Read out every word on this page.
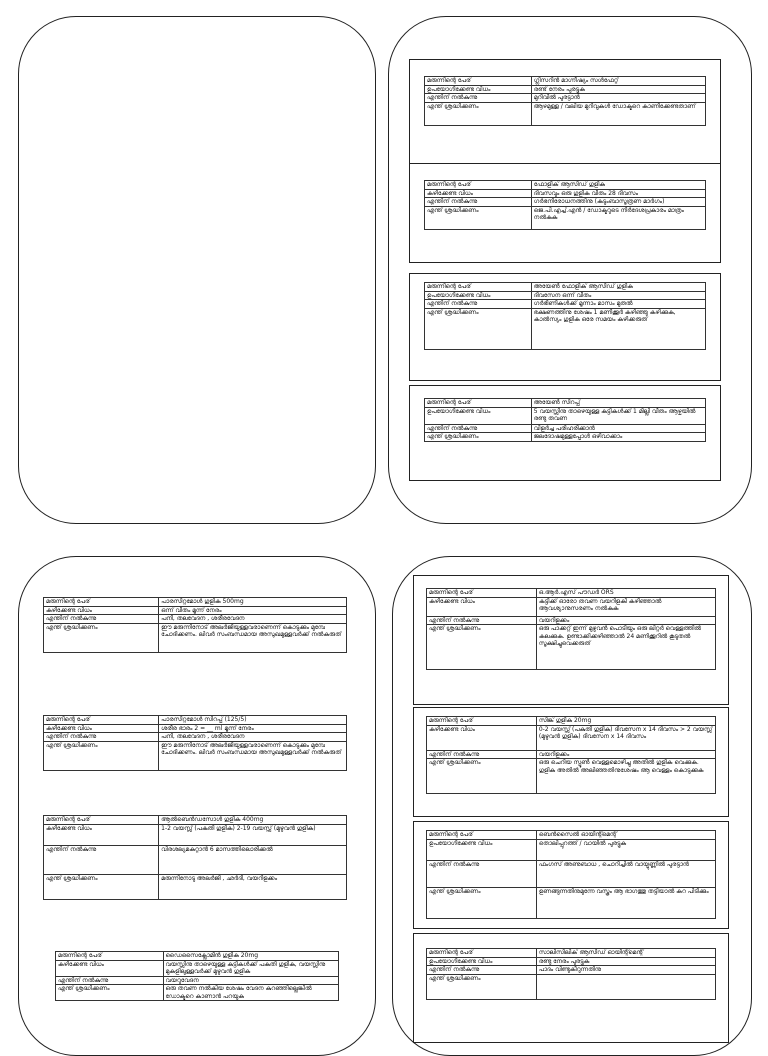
മരുന്നിന്റെ പേര്	ഗ്ലിസറിൻ മാഗ്നീഷ്യം സൾഫേറ്റ്
ഉപയോഗിക്കേണ്ട വിധം	രണ്ട് നേരം പുരട്ടുക
എന്തിന് നൽകുന്നു	മുറിവിൽ പുരട്ടാൻ
എന്ത് ശ്രദ്ധിക്കണം	ആഴമുള്ള / വലിയ മുറിവുകൾ ഡോക്ടറെ കാണിക്കേണ്ടതാണ്
മരുന്നിന്റെ പേര്	ഫോളിക് ആസിഡ് ഗുളിക
കഴിക്കേണ്ട വിധം	ദിവസവും ഒരു ഗുളിക വീതം 28 ദിവസം
എന്തിന് നൽകുന്നു	ഗർഭനിരോധനത്തിനു (കുടുംബാസൂത്രണ മാർഗം)
എന്ത് ശ്രദ്ധിക്കണം	ജെ.പി.എച്ച്.എൻ / ഡോക്ടറുടെ നിർദേശപ്രകാരം മാത്രം നൽകുക
മരുന്നിന്റെ പേര്	അയേൺ ഫോളിക് ആസിഡ് ഗുളിക
ഉപയോഗിക്കേണ്ട വിധം	ദിവസേന ഒന്ന് വീതം
എന്തിന് നൽകുന്നു	ഗർഭിണികൾക്ക് മൂന്നാം മാസം മുതൽ
എന്ത് ശ്രദ്ധിക്കണം	ഭക്ഷണത്തിനു ശേഷം 1 മണിക്കൂർ കഴിഞ്ഞു കഴിക്കുക, കാൽസ്യം ഗുളിക ഒരേ സമയം കഴിക്കരുത്
മരുന്നിന്റെ പേര്	അയേൺ സിറപ്പ്
ഉപയോഗിക്കേണ്ട വിധം	5 വയസ്സിനു താഴെയുള്ള കുട്ടികൾക്ക് 1 മില്ലി വീതം ആഴ്ചയിൽ രണ്ടു തവണ
എന്തിന് നൽകുന്നു	വിളർച്ച പരിഹരിക്കാൻ
എന്ത് ശ്രദ്ധിക്കണം	ജലദോഷമുള്ളപ്പോൾ ഒഴിവാക്കാം
മരുന്നിന്റെ പേര്	പാരസിറ്റമോൾ ഗുളിക 500mg
കഴിക്കേണ്ട വിധം	ഒന്ന് വീതം മൂന്ന് നേരം
എന്തിന് നൽകുന്നു	പനി, തലവേദന , ശരീരവേദന
എന്ത് ശ്രദ്ധിക്കണം	ഈ മരുന്നിനോട് അലർജിയുള്ളവരാണെന്ന് കൊടുക്കും മുമ്പേ ചോദിക്കണം. ലിവർ സംബന്ധമായ അസുഖമുള്ളവർക്ക് നൽകരുത്
മരുന്നിന്റെ പേര്	പാരസിറ്റമോൾ സിറപ്പ് (125/5)
കഴിക്കേണ്ട വിധം	ശരീര ഭാരം 2 = __ ml മൂന്ന് നേരം
എന്തിന് നൽകുന്നു	പനി, തലവേദന , ശരീരവേദന
എന്ത് ശ്രദ്ധിക്കണം	ഈ മരുന്നിനോട് അലർജിയുള്ളവരാണെന്ന് കൊടുക്കും മുമ്പേ ചോദിക്കണം. ലിവർ സംബന്ധമായ അസുഖമുള്ളവർക്ക് നൽകരുത്
മരുന്നിന്റെ പേര്	ആൽബെൻഡസോൾ ഗുളിക 400mg
കഴിക്കേണ്ട വിധം	1-2 വയസ്സ് (പകുതി ഗുളിക) 2-19 വയസ്സ് (മുഴുവൻ ഗുളിക)
എന്തിന് നൽകുന്നു	വിരശല്യമകറ്റാൻ 6 മാസത്തിലൊരിക്കൽ
എന്ത് ശ്രദ്ധിക്കണം	മരുന്നിനോടു അലർജി , ഛർദി, വയറിളക്കം
മരുന്നിന്റെ പേര്	ഡൈസൈക്ലോമിൻ ഗുളിക 20mg
കഴിക്കേണ്ട വിധം	വയസ്സിനു താഴെയുള്ള കുട്ടികൾക്ക് പകുതി ഗുളിക, വയസ്സിനു മുകളിലുള്ളവർക്ക് മുഴുവൻ ഗുളിക
എന്തിന് നൽകുന്നു	വയറുവേദന
എന്ത് ശ്രദ്ധിക്കണം	ഒരു തവണ നൽകിയ ശേഷം വേദന കുറഞ്ഞില്ലെങ്കിൽ ഡോക്ടറെ കാണാൻ പറയുക
മരുന്നിന്റെ പേര്	ഒ.ആർ.എസ് പൗഡർ ORS
കഴിക്കേണ്ട വിധം	കുട്ടിക്ക് ഓരോ തവണ വയറിളകി കഴിഞ്ഞാൽ ആവശ്യാനുസരണം നൽകുക
എന്തിന് നൽകുന്നു	വയറിളക്കം
എന്ത് ശ്രദ്ധിക്കണം	ഒരു പാക്കറ്റ് ഇന്ന് മുഴുവൻ പൊടിയും ഒരു ലിറ്റർ വെള്ളത്തിൽ കലക്കുക. ഉണ്ടാക്കിക്കഴിഞ്ഞാൽ 24 മണിക്കൂറിൽ കൂടുതൽ സൂക്ഷിച്ചുവെക്കരുത്
മരുന്നിന്റെ പേര്	സിങ്ക് ഗുളിക 20mg
കഴിക്കേണ്ട വിധം	0-2 വയസ്സ് (പകുതി ഗുളിക) ദിവസേന x 14 ദിവസം > 2 വയസ്സ് (മുഴുവൻ ഗുളിക) ദിവസേന x 14 ദിവസം
എന്തിന് നൽകുന്നു	വയറിളക്കം
എന്ത് ശ്രദ്ധിക്കണം	ഒരു ചെറിയ സ്പൂൺ വെള്ളമൊഴിച്ചു അതിൽ ഗുളിക വെക്കുക. ഗുളിക അതിൽ അലിഞ്ഞതിനുശേഷം ആ വെള്ളം കൊടുക്കുക
മരുന്നിന്റെ പേര്	ബെൻസൈൽ ഓയിന്റ്മെന്റ്
ഉപയോഗിക്കേണ്ട വിധം	തൊലിപ്പുറത്ത് / വായിൽ പുരട്ടുക
എന്തിന് നൽകുന്നു	ഫംഗസ് അണുബാധ , ചൊറിച്ചിൽ വായ്പുണ്ണിൽ പുരട്ടാൻ
എന്ത് ശ്രദ്ധിക്കണം	ഉണങ്ങുന്നതിനുമുന്നേ വസ്ത്രം ആ ഭാഗത്തു തട്ടിയാൽ കറ പിടിക്കും
മരുന്നിന്റെ പേര്	സാലിസിലിക് ആസിഡ് ഓയിന്റ്മെന്റ്
ഉപയോഗിക്കേണ്ട വിധം	രണ്ടു നേരം പുരട്ടുക
എന്തിന് നൽകുന്നു	പാദം വിണ്ടുകീറുന്നതിനു
എന്ത് ശ്രദ്ധിക്കണം	
